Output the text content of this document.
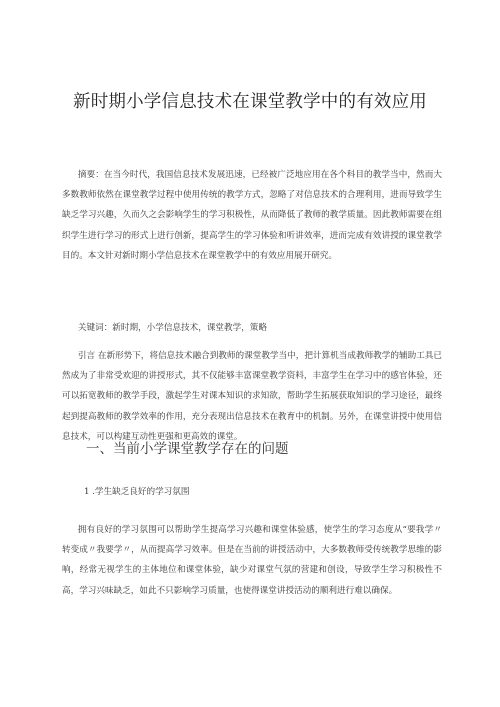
新时期小学信息技术在课堂教学中的有效应用

摘要：在当今时代，我国信息技术发展迅速，已经被广泛地应用在各个科目的教学当中，然而大多数教师依然在课堂教学过程中使用传统的教学方式，忽略了对信息技术的合理利用，进而导致学生缺乏学习兴趣，久而久之会影响学生的学习积极性，从而降低了教师的教学质量。因此教师需要在组织学生进行学习的形式上进行创新，提高学生的学习体验和听讲效率，进而完成有效讲授的课堂教学目的。本文针对新时期小学信息技术在课堂教学中的有效应用展开研究。

关键词：新时期，小学信息技术，课堂教学，策略

引言 在新形势下，将信息技术融合到教师的课堂教学当中，把计算机当成教师教学的辅助工具已然成为了非常受欢迎的讲授形式，其不仅能够丰富课堂教学资料，丰富学生在学习中的感官体验，还可以拓宽教师的教学手段，激起学生对课本知识的求知欲，帮助学生拓展获取知识的学习途径，最终起到提高教师的教学效率的作用，充分表现出信息技术在教育中的机制。另外，在课堂讲授中使用信息技术，可以构建互动性更强和更高效的课堂。

一、当前小学课堂教学存在的问题
1 .学生缺乏良好的学习氛围

拥有良好的学习氛围可以帮助学生提高学习兴趣和课堂体验感，使学生的学习态度从“要我学〃转变成〃我要学〃，从而提高学习效率。但是在当前的讲授活动中，大多数教师受传统教学思维的影响，经常无视学生的主体地位和课堂体验，缺少对课堂气氛的营建和创设，导致学生学习积极性不高，学习兴味缺乏，如此不只影响学习质量，也使得课堂讲授活动的顺利进行难以确保。
